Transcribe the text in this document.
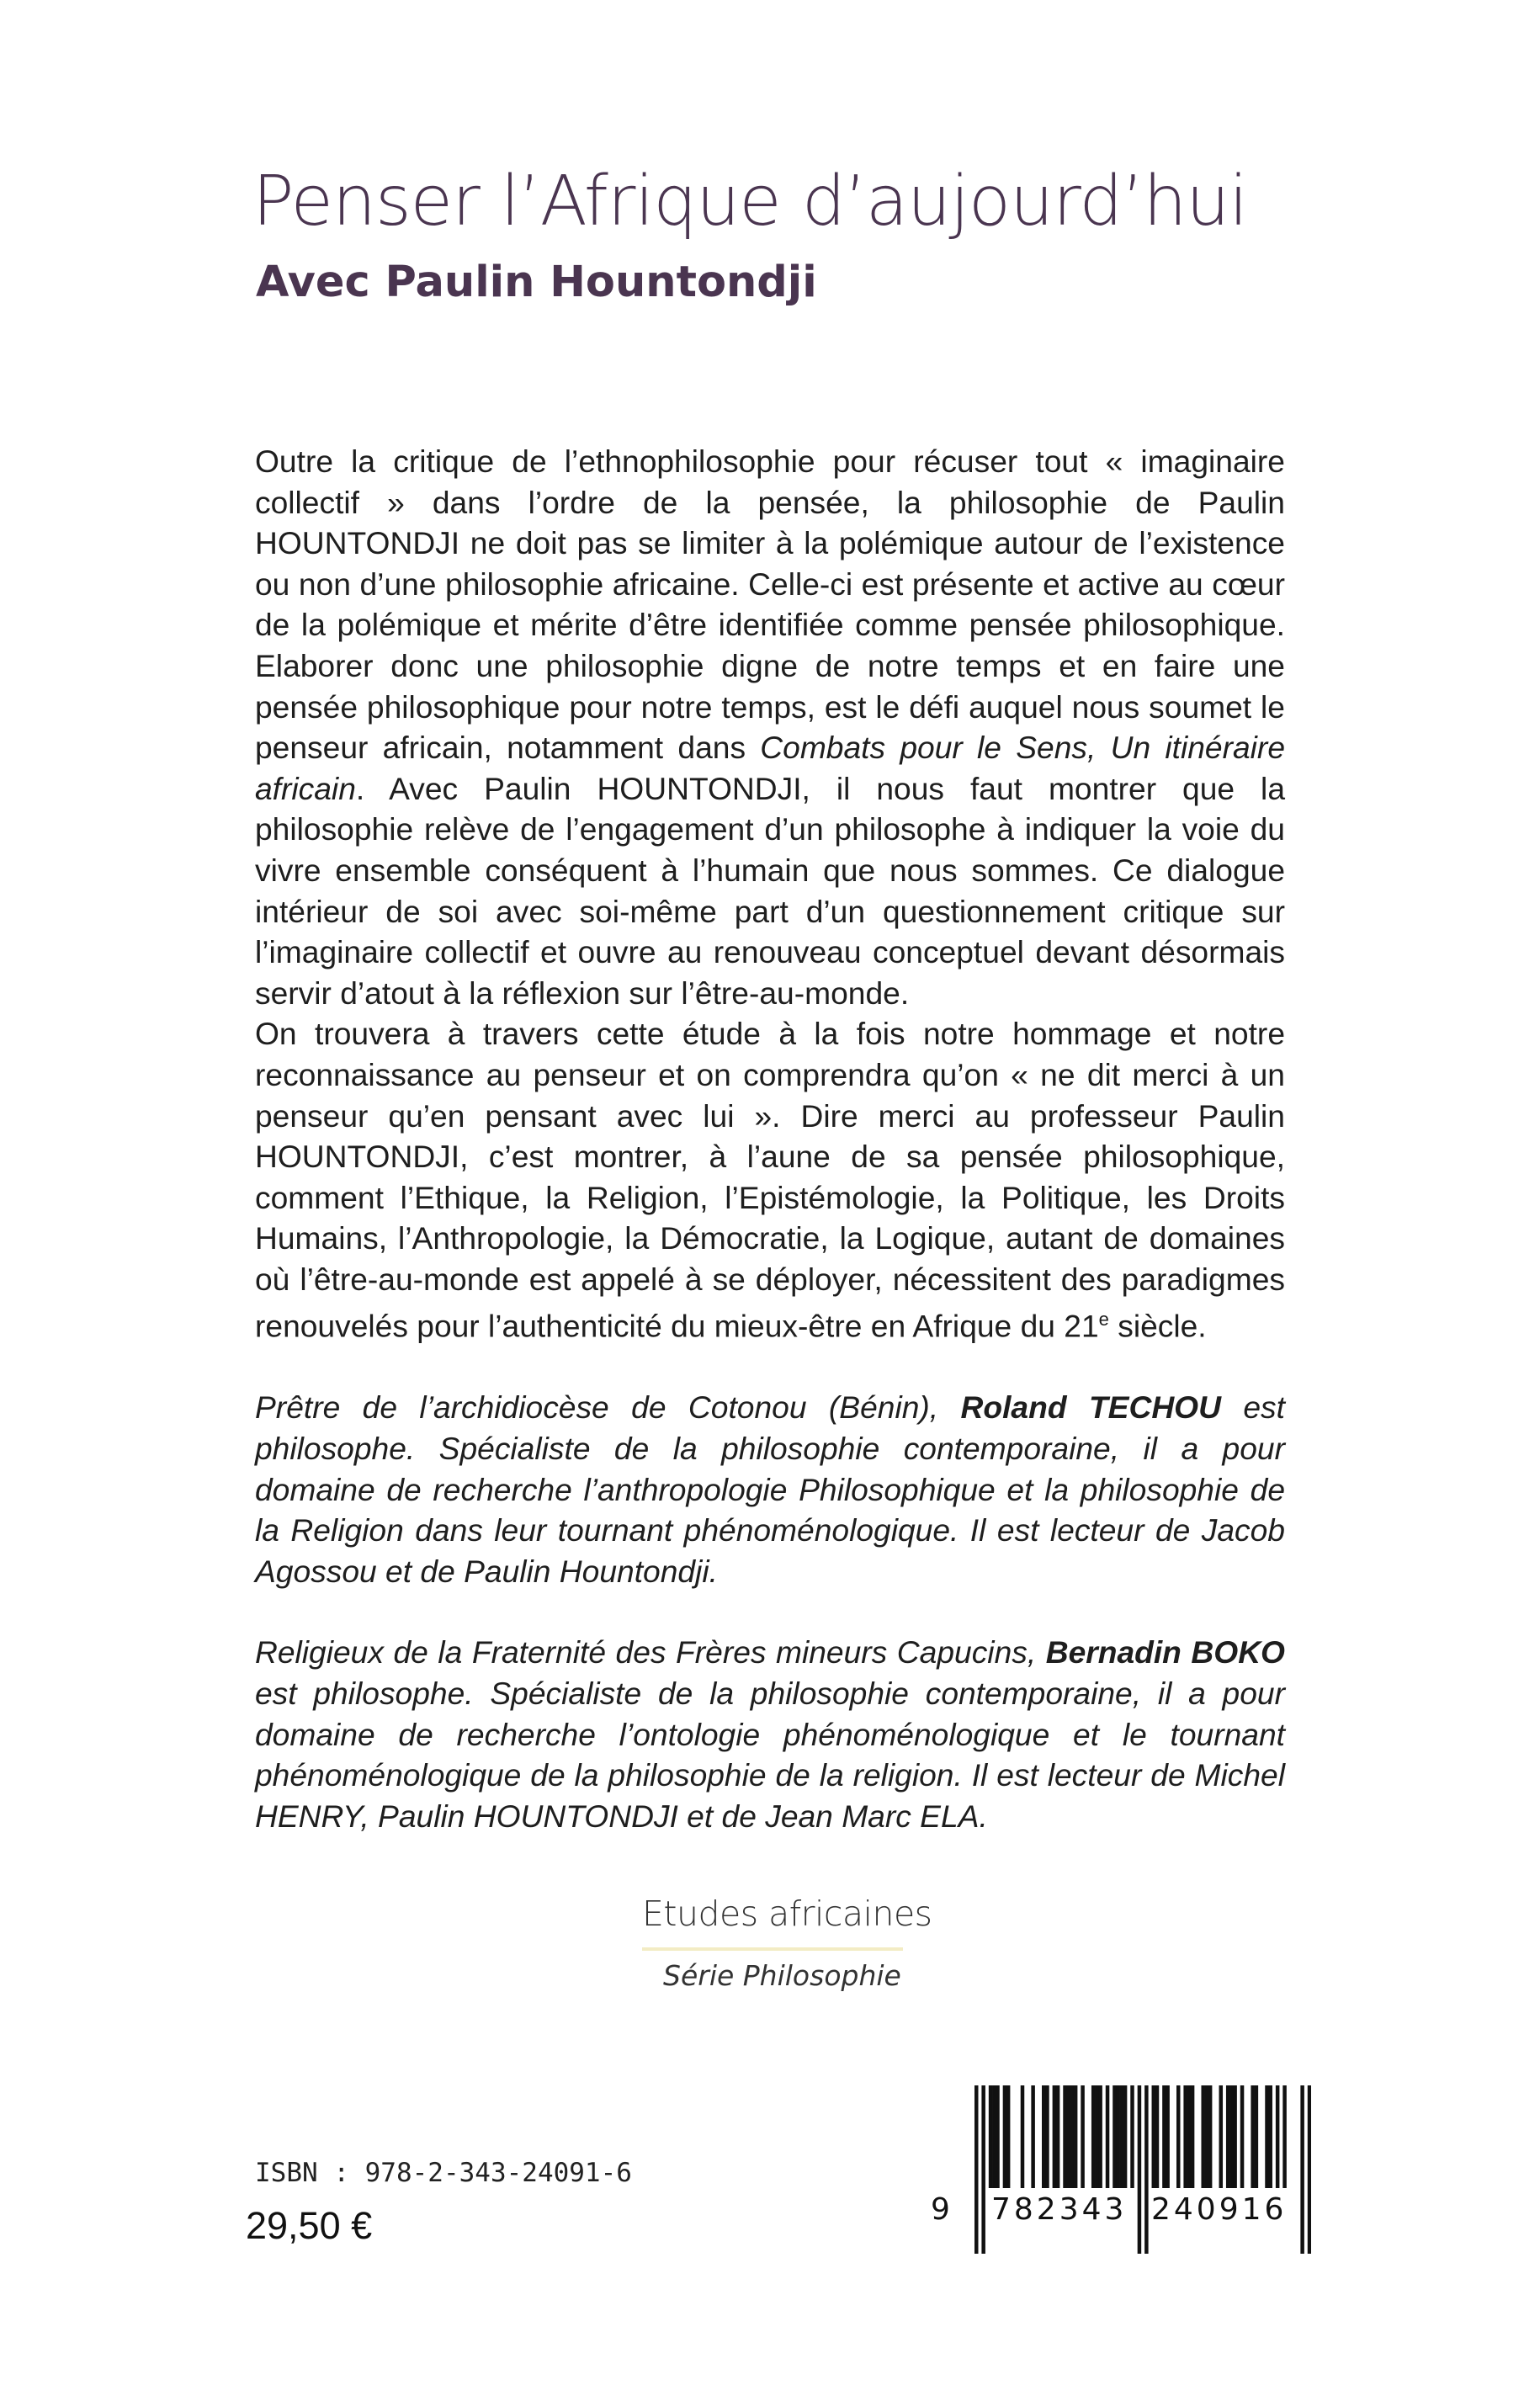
Penser l’Afrique d’aujourd’hui
Avec Paulin Hountondji

Outre la critique de l’ethnophilosophie pour récuser tout « imaginaire collectif » dans l’ordre de la pensée, la philosophie de Paulin HOUNTONDJI ne doit pas se limiter à la polémique autour de l’existence ou non d’une philosophie africaine. Celle-ci est présente et active au cœur de la polémique et mérite d’être identifiée comme pensée philosophique. Elaborer donc une philosophie digne de notre temps et en faire une pensée philosophique pour notre temps, est le défi auquel nous soumet le penseur africain, notamment dans Combats pour le Sens, Un itinéraire africain. Avec Paulin HOUNTONDJI, il nous faut montrer que la philosophie relève de l’engagement d’un philosophe à indiquer la voie du vivre ensemble conséquent à l’humain que nous sommes. Ce dialogue intérieur de soi avec soi-même part d’un questionnement critique sur l’imaginaire collectif et ouvre au renouveau conceptuel devant désormais servir d’atout à la réflexion sur l’être-au-monde.

On trouvera à travers cette étude à la fois notre hommage et notre reconnaissance au penseur et on comprendra qu’on « ne dit merci à un penseur qu’en pensant avec lui ». Dire merci au professeur Paulin HOUNTONDJI, c’est montrer, à l’aune de sa pensée philosophique, comment l’Ethique, la Religion, l’Epistémologie, la Politique, les Droits Humains, l’Anthropologie, la Démocratie, la Logique, autant de domaines où l’être-au-monde est appelé à se déployer, nécessitent des paradigmes renouvelés pour l’authenticité du mieux-être en Afrique du 21e siècle.

Prêtre de l’archidiocèse de Cotonou (Bénin), Roland TECHOU est philosophe. Spécialiste de la philosophie contemporaine, il a pour domaine de recherche l’anthropologie Philosophique et la philosophie de la Religion dans leur tournant phénoménologique. Il est lecteur de Jacob Agossou et de Paulin Hountondji.

Religieux de la Fraternité des Frères mineurs Capucins, Bernadin BOKO est philosophe. Spécialiste de la philosophie contemporaine, il a pour domaine de recherche l’ontologie phénoménologique et le tournant phénoménologique de la philosophie de la religion. Il est lecteur de Michel HENRY, Paulin HOUNTONDJI et de Jean Marc ELA.

Etudes africaines
Série Philosophie
ISBN : 978-2-343-24091-6
29,50 €	9 782343 240916
